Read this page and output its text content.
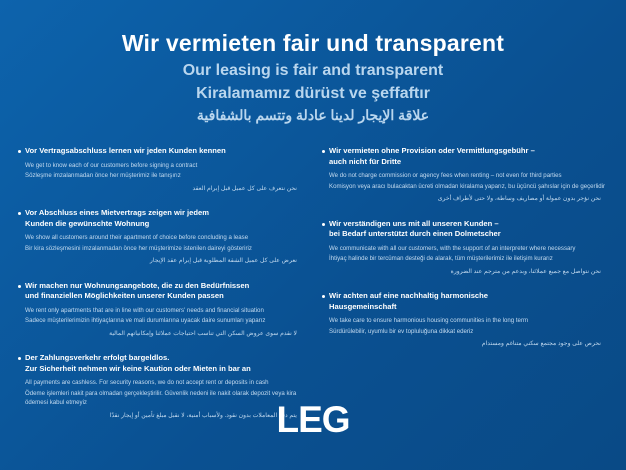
Wir vermieten fair und transparent
Our leasing is fair and transparent
Kiralamamız dürüst ve şeffaftır
علاقة الإيجار لدينا عادلة وتتسم بالشفافية
Vor Vertragsabschluss lernen wir jeden Kunden kennen
We get to know each of our customers before signing a contract
Sözleşme imzalanmadan önce her müşterimiz ile tanışırız
نحن نتعرف على كل عميل قبل إبرام العقد
Vor Abschluss eines Mietvertrags zeigen wir jedem
Kunden die gewünschte Wohnung
We show all customers around their apartment of choice before concluding a lease
Bir kira sözleşmesini imzalanmadan önce her müşterimize istenilen daireyi gösteririz
نعرض على كل عميل الشقة المطلوبة قبل إبرام عقد الإيجار
Wir machen nur Wohnungsangebote, die zu den Bedürfnissen
und finanziellen Möglichkeiten unserer Kunden passen
We rent only apartments that are in line with our customers' needs and financial situation
Sadece müşterilerimizin ihtiyaçlarına ve mali durumlarına uyacak daire sunumları yaparız
لا نقدم سوى عروض السكن التي تناسب احتياجات عملائنا وإمكانياتهم المالية
Der Zahlungsverkehr erfolgt bargeldlos.
Zur Sicherheit nehmen wir keine Kaution oder Mieten in bar an
All payments are cashless. For security reasons, we do not accept rent or deposits in cash
Ödeme işlemleri nakit para olmadan gerçekleştirilir. Güvenlik nedeni ile nakit olarak depozit veya kira ödemesi kabul etmeyiz
يتم دفع المعاملات بدون نقود. ولأسباب أمنية، لا نقبل مبلغ تأمين أو إيجار نقدًا
Wir vermieten ohne Provision oder Vermittlungsgebühr –
auch nicht für Dritte
We do not charge commission or agency fees when renting – not even for third parties
Komisyon veya aracı bulacaktan ücreti olmadan kiralama yaparız, bu üçüncü şahıslar için de geçerlidir
نحن نؤجر بدون عمولة أو مصاريف وساطة، ولا حتى لأطراف أخرى
Wir verständigen uns mit all unseren Kunden –
bei Bedarf unterstützt durch einen Dolmetscher
We communicate with all our customers, with the support of an interpreter where necessary
İhtiyaç halinde bir tercüman desteği de alarak, tüm müşterilerimiz ile iletişim kurarız
نحن نتواصل مع جميع عملائنا، وبدعم من مترجم عند الضرورة
Wir achten auf eine nachhaltig harmonische
Hausgemeinschaft
We take care to ensure harmonious housing communities in the long term
Sürdürülebilir, uyumlu bir ev topluluğuna dikkat ederiz
نحرص على وجود مجتمع سكني متناغم ومستدام
LEG
